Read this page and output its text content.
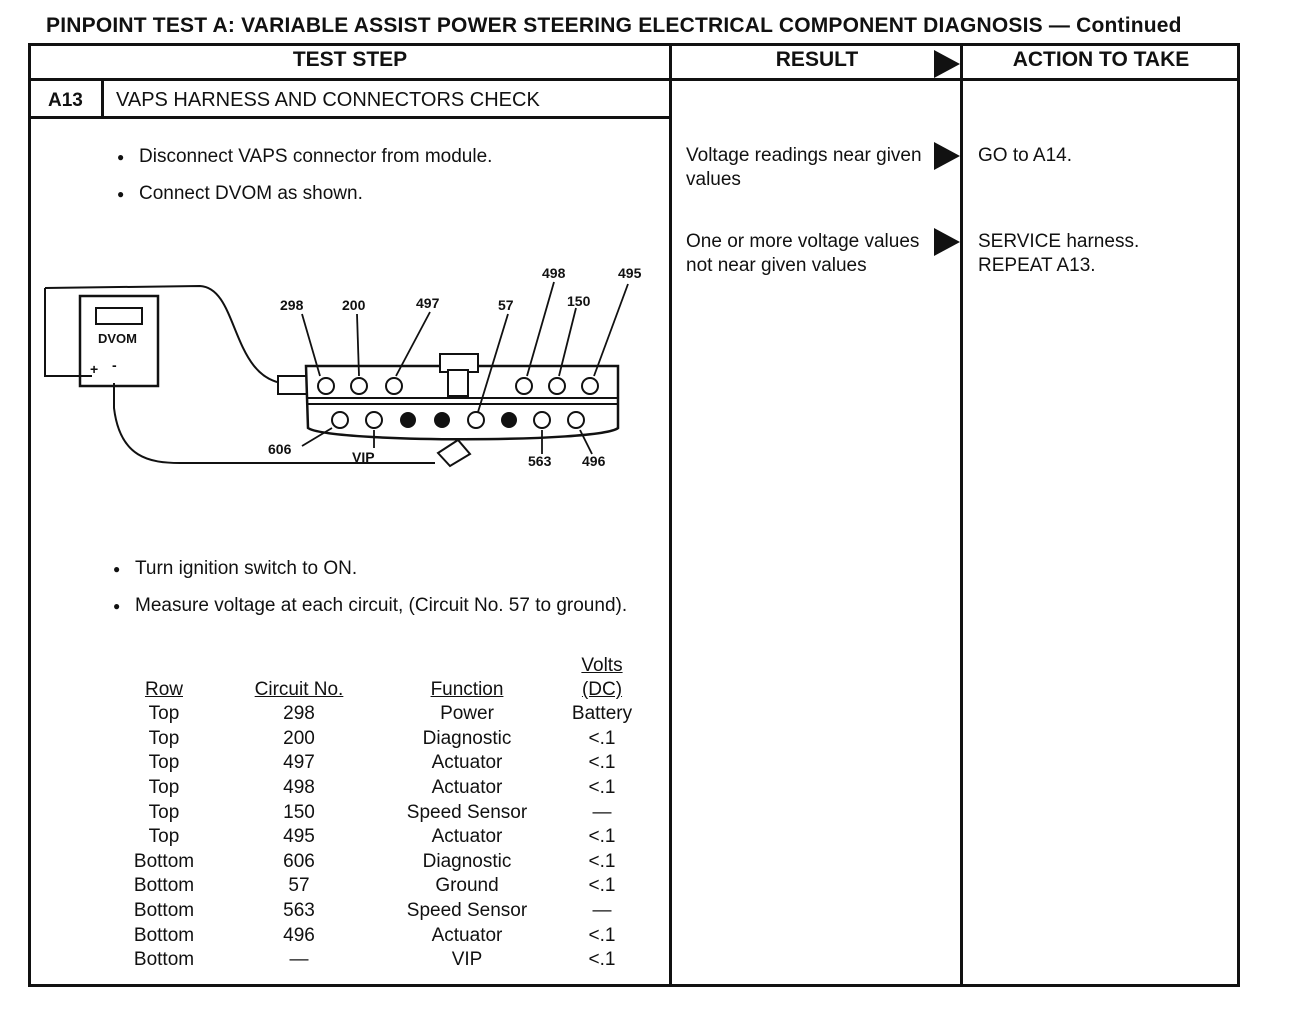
PINPOINT TEST A: VARIABLE ASSIST POWER STEERING ELECTRICAL COMPONENT DIAGNOSIS — Continued
TEST STEP	RESULT	ACTION TO TAKE
A13 VAPS HARNESS AND CONNECTORS CHECK
● Disconnect VAPS connector from module.
● Connect DVOM as shown.
DVOM
+ -
298	200	497	57
498
150
495
606	VIP	563 496
● Turn ignition switch to ON.
● Measure voltage at each circuit, (Circuit No. 57 to ground).
Row	Circuit No.	Function	Volts
(DC)
Top	298	Power	Battery
Top	200	Diagnostic	<.1
Top	497	Actuator	<.1
Top	498	Actuator	<.1
Top	150	Speed Sensor	—
Top	495	Actuator	<.1
Bottom	606	Diagnostic	<.1
Bottom	57	Ground	<.1
Bottom	563	Speed Sensor	—
Bottom	496	Actuator	<.1
Bottom	—	VIP	<.1
Voltage readings near given values
GO to A14.
One or more voltage values not near given values
SERVICE harness. REPEAT A13.
